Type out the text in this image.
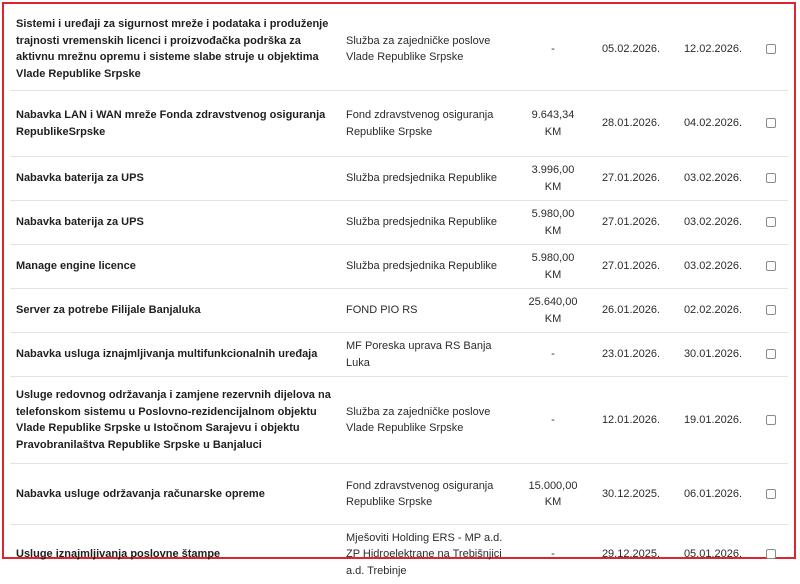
Sistemi i uređaji za sigurnost mreže i podataka i produženje trajnosti vremenskih licenci i proizvođačka podrška za aktivnu mrežnu opremu i sisteme slabe struje u objektima Vlade Republike Srpske	Služba za zajedničke poslove Vlade Republike Srpske	-	05.02.2026.	12.02.2026.	
Nabavka LAN i WAN mreže Fonda zdravstvenog osiguranja RepublikeSrpske	Fond zdravstvenog osiguranja Republike Srpske	9.643,34 KM	28.01.2026.	04.02.2026.	
Nabavka baterija za UPS	Služba predsjednika Republike	3.996,00 KM	27.01.2026.	03.02.2026.	
Nabavka baterija za UPS	Služba predsjednika Republike	5.980,00 KM	27.01.2026.	03.02.2026.	
Manage engine licence	Služba predsjednika Republike	5.980,00 KM	27.01.2026.	03.02.2026.	
Server za potrebe Filijale Banjaluka	FOND PIO RS	25.640,00 KM	26.01.2026.	02.02.2026.	
Nabavka usluga iznajmljivanja multifunkcionalnih uređaja	MF Poreska uprava RS Banja Luka	-	23.01.2026.	30.01.2026.	
Usluge redovnog održavanja i zamjene rezervnih dijelova na telefonskom sistemu u Poslovno-rezidencijalnom objektu Vlade Republike Srpske u Istočnom Sarajevu i objektu Pravobranilaštva Republike Srpske u Banjaluci	Služba za zajedničke poslove Vlade Republike Srpske	-	12.01.2026.	19.01.2026.	
Nabavka usluge održavanja računarske opreme	Fond zdravstvenog osiguranja Republike Srpske	15.000,00 KM	30.12.2025.	06.01.2026.	
Usluge iznajmljivanja poslovne štampe	Mješoviti Holding ERS - MP a.d. ZP Hidroelektrane na Trebišnjici a.d. Trebinje	-	29.12.2025.	05.01.2026.	
